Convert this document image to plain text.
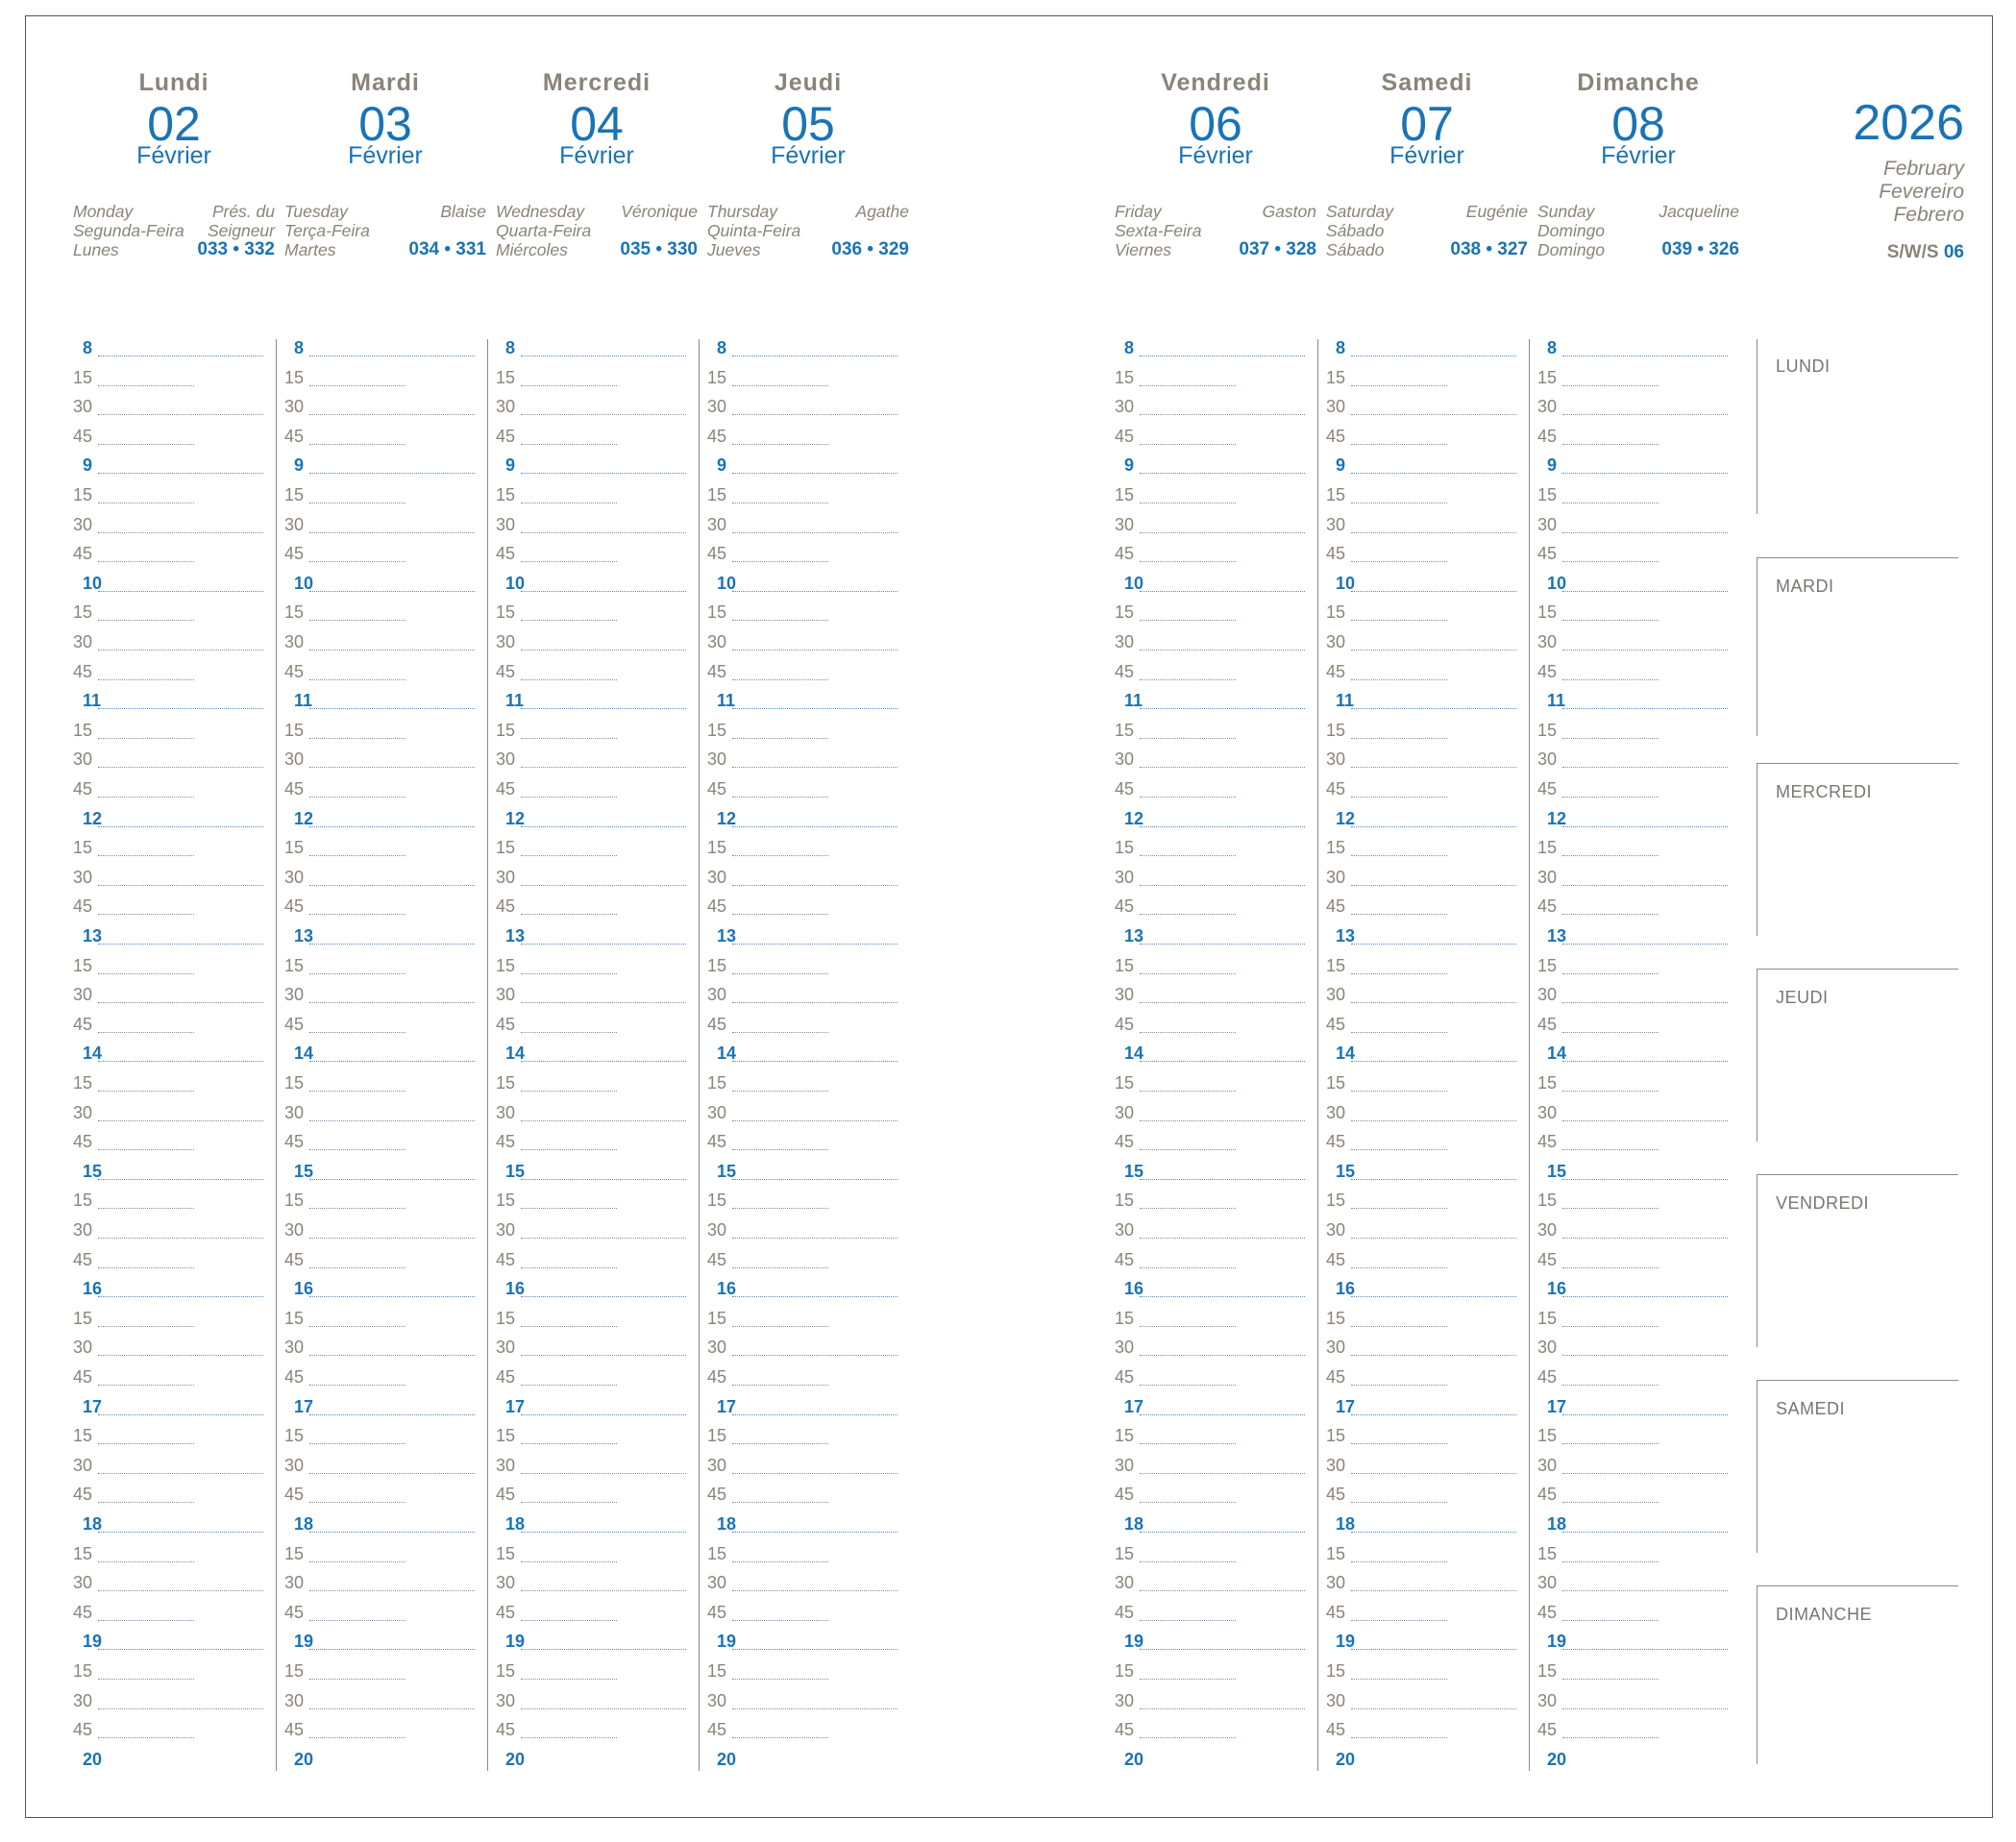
Lundi
02
Février
Monday
Segunda-Feira
Lunes
Prés. du
Seigneur
033 • 332
8
15
30
45
9
15
30
45
10
15
30
45
11
15
30
45
12
15
30
45
13
15
30
45
14
15
30
45
15
15
30
45
16
15
30
45
17
15
30
45
18
15
30
45
19
15
30
45
20
Mardi
03
Février
Tuesday
Terça-Feira
Martes
Blaise
034 • 331
8
15
30
45
9
15
30
45
10
15
30
45
11
15
30
45
12
15
30
45
13
15
30
45
14
15
30
45
15
15
30
45
16
15
30
45
17
15
30
45
18
15
30
45
19
15
30
45
20
Mercredi
04
Février
Wednesday
Quarta-Feira
Miércoles
Véronique
035 • 330
8
15
30
45
9
15
30
45
10
15
30
45
11
15
30
45
12
15
30
45
13
15
30
45
14
15
30
45
15
15
30
45
16
15
30
45
17
15
30
45
18
15
30
45
19
15
30
45
20
Jeudi
05
Février
Thursday
Quinta-Feira
Jueves
Agathe
036 • 329
8
15
30
45
9
15
30
45
10
15
30
45
11
15
30
45
12
15
30
45
13
15
30
45
14
15
30
45
15
15
30
45
16
15
30
45
17
15
30
45
18
15
30
45
19
15
30
45
20
Vendredi
06
Février
Friday
Sexta-Feira
Viernes
Gaston
037 • 328
8
15
30
45
9
15
30
45
10
15
30
45
11
15
30
45
12
15
30
45
13
15
30
45
14
15
30
45
15
15
30
45
16
15
30
45
17
15
30
45
18
15
30
45
19
15
30
45
20
Samedi
07
Février
Saturday
Sábado
Sábado
Eugénie
038 • 327
8
15
30
45
9
15
30
45
10
15
30
45
11
15
30
45
12
15
30
45
13
15
30
45
14
15
30
45
15
15
30
45
16
15
30
45
17
15
30
45
18
15
30
45
19
15
30
45
20
Dimanche
08
Février
Sunday
Domingo
Domingo
Jacqueline
039 • 326
8
15
30
45
9
15
30
45
10
15
30
45
11
15
30
45
12
15
30
45
13
15
30
45
14
15
30
45
15
15
30
45
16
15
30
45
17
15
30
45
18
15
30
45
19
15
30
45
20
2026
February
Fevereiro
Febrero
S/W/S 06
LUNDI
MARDI
MERCREDI
JEUDI
VENDREDI
SAMEDI
DIMANCHE
